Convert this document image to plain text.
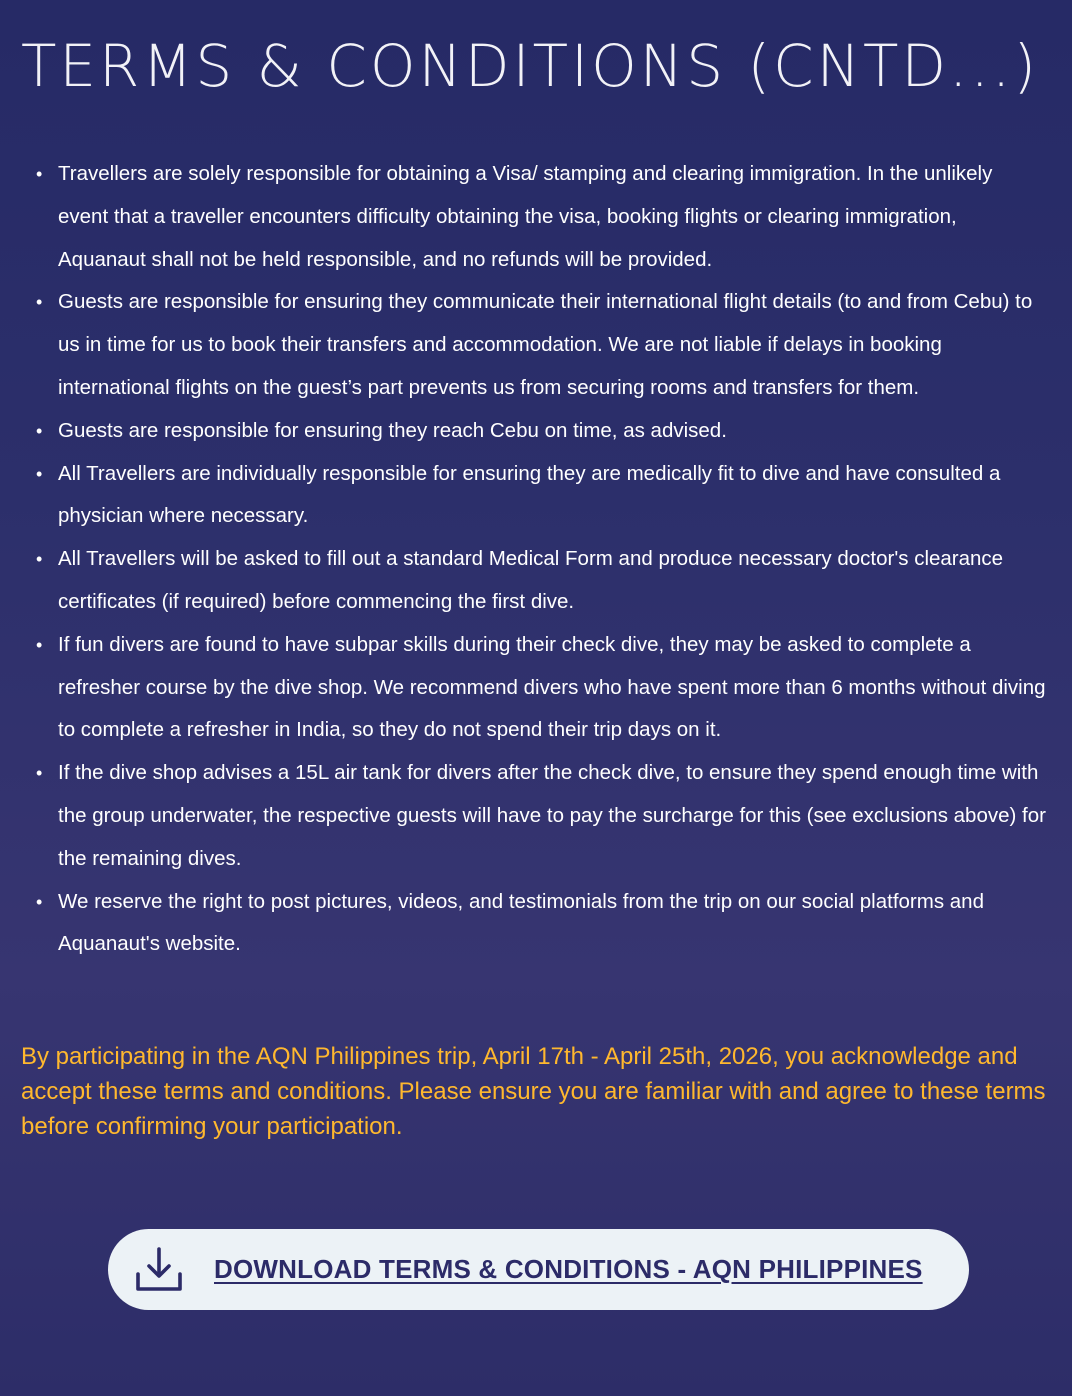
TERMS & CONDITIONS (CNTD...)
• Travellers are solely responsible for obtaining a Visa/ stamping and clearing immigration. In the unlikely event that a traveller encounters difficulty obtaining the visa, booking flights or clearing immigration, Aquanaut shall not be held responsible, and no refunds will be provided.
• Guests are responsible for ensuring they communicate their international flight details (to and from Cebu) to us in time for us to book their transfers and accommodation. We are not liable if delays in booking international flights on the guest’s part prevents us from securing rooms and transfers for them.
• Guests are responsible for ensuring they reach Cebu on time, as advised.
• All Travellers are individually responsible for ensuring they are medically fit to dive and have consulted a physician where necessary.
• All Travellers will be asked to fill out a standard Medical Form and produce necessary doctor's clearance certificates (if required) before commencing the first dive.
• If fun divers are found to have subpar skills during their check dive, they may be asked to complete a refresher course by the dive shop. We recommend divers who have spent more than 6 months without diving to complete a refresher in India, so they do not spend their trip days on it.
• If the dive shop advises a 15L air tank for divers after the check dive, to ensure they spend enough time with the group underwater, the respective guests will have to pay the surcharge for this (see exclusions above) for the remaining dives.
• We reserve the right to post pictures, videos, and testimonials from the trip on our social platforms and Aquanaut's website.

By participating in the AQN Philippines trip, April 17th - April 25th, 2026, you acknowledge and accept these terms and conditions. Please ensure you are familiar with and agree to these terms before confirming your participation.

DOWNLOAD TERMS & CONDITIONS - AQN PHILIPPINES
